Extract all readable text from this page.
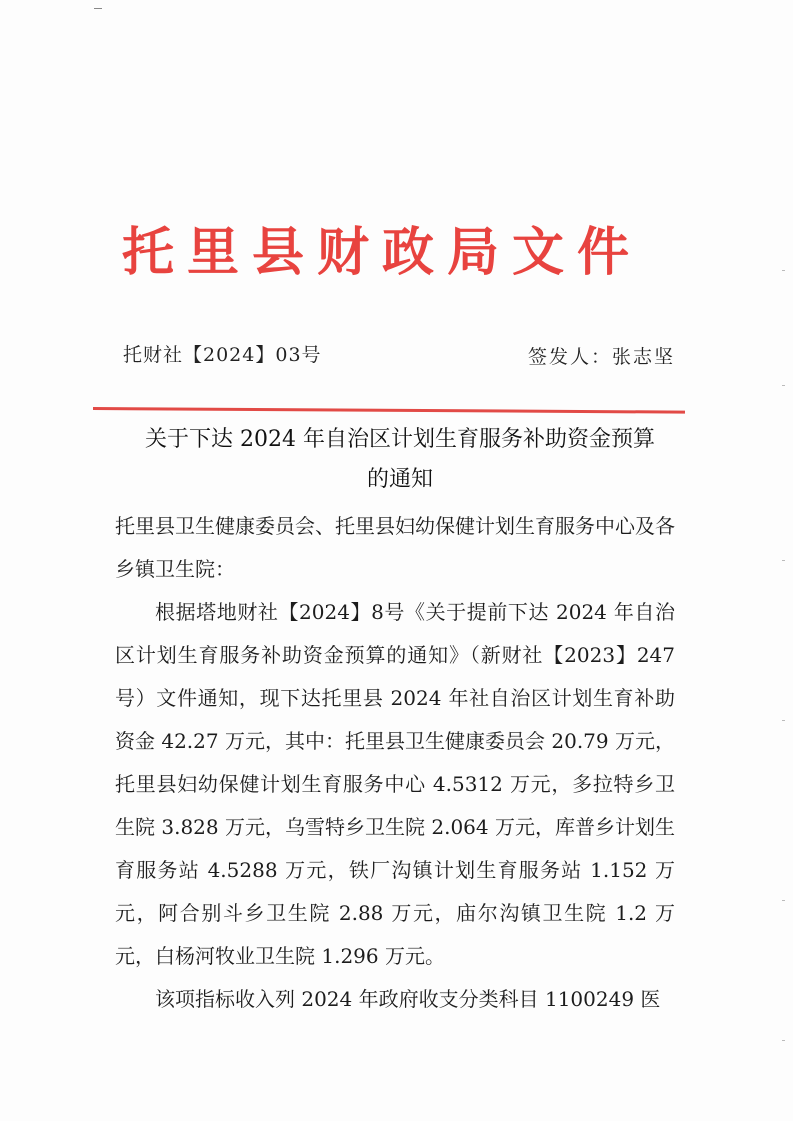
托里县财政局文件
托财社【2024】03号	签发人：张志坚
关于下达 2024 年自治区计划生育服务补助资金预算
的通知

托里县卫生健康委员会、托里县妇幼保健计划生育服务中心及各乡镇卫生院：

根据塔地财社【2024】8号《关于提前下达 2024 年自治区计划生育服务补助资金预算的通知》（新财社【2023】247号）文件通知，现下达托里县 2024 年社自治区计划生育补助资金 42.27 万元，其中：托里县卫生健康委员会 20.79 万元，托里县妇幼保健计划生育服务中心 4.5312 万元，多拉特乡卫生院 3.828 万元，乌雪特乡卫生院 2.064 万元，库普乡计划生育服务站 4.5288 万元，铁厂沟镇计划生育服务站 1.152 万元，阿合别斗乡卫生院 2.88 万元，庙尔沟镇卫生院 1.2 万元，白杨河牧业卫生院 1.296 万元。

该项指标收入列 2024 年政府收支分类科目 1100249 医
